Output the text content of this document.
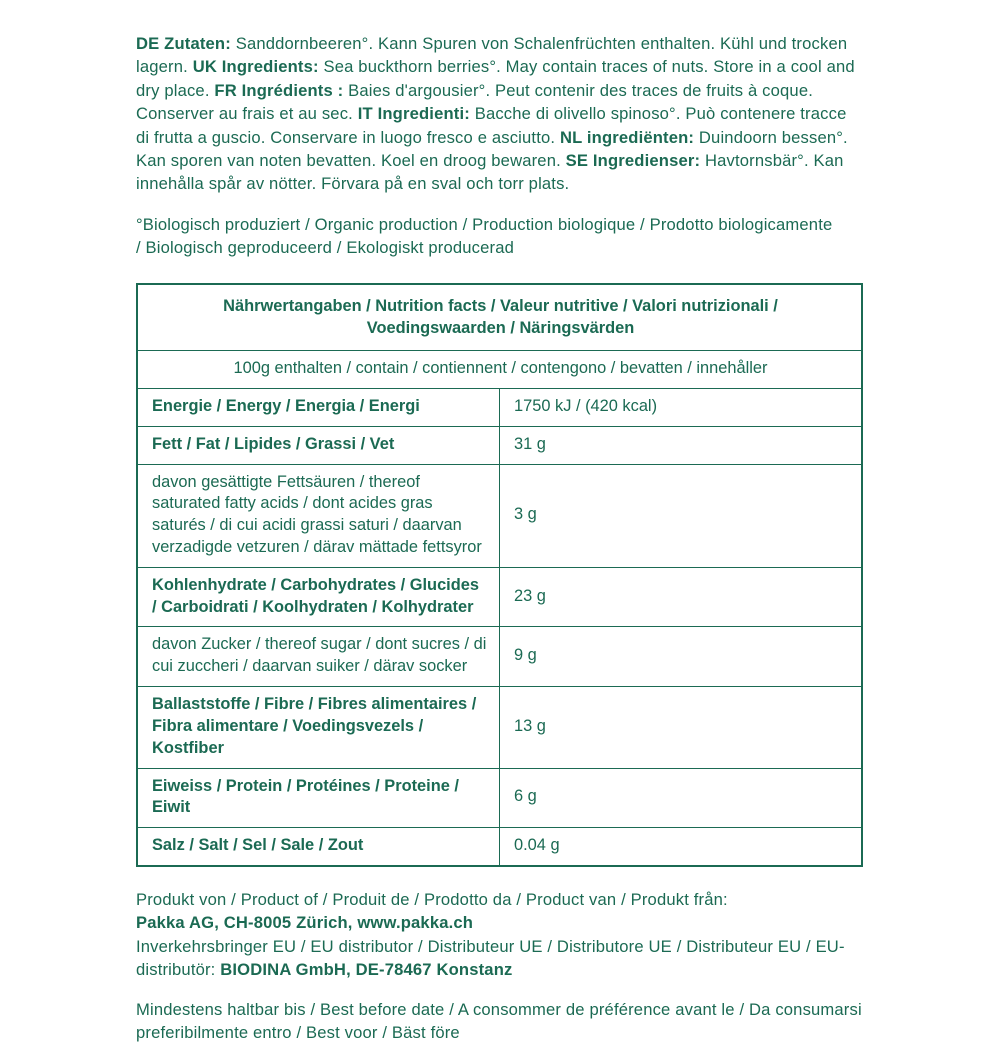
DE Zutaten: Sanddornbeeren°. Kann Spuren von Schalenfrüchten enthalten. Kühl und trocken lagern. UK Ingredients: Sea buckthorn berries°. May contain traces of nuts. Store in a cool and dry place. FR Ingrédients : Baies d'argousier°. Peut contenir des traces de fruits à coque. Conserver au frais et au sec. IT Ingredienti: Bacche di olivello spinoso°. Può contenere tracce di frutta a guscio. Conservare in luogo fresco e asciutto. NL ingrediënten: Duindoorn bessen°. Kan sporen van noten bevatten. Koel en droog bewaren. SE Ingredienser: Havtornsbär°. Kan innehålla spår av nötter. Förvara på en sval och torr plats.

°Biologisch produziert / Organic production / Production biologique / Prodotto biologicamente / Biologisch geproduceerd / Ekologiskt producerad

Nährwertangaben / Nutrition facts / Valeur nutritive / Valori nutrizionali / Voedingswaarden / Näringsvärden	
100g enthalten / contain / contiennent / contengono / bevatten / innehåller	
Energie / Energy / Energia / Energi	1750 kJ / (420 kcal)
Fett / Fat / Lipides / Grassi / Vet	31 g
davon gesättigte Fettsäuren / thereof saturated fatty acids / dont acides gras saturés / di cui acidi grassi saturi / daarvan verzadigde vetzuren / därav mättade fettsyror	3 g
Kohlenhydrate / Carbohydrates / Glucides / Carboidrati / Koolhydraten / Kolhydrater	23 g
davon Zucker / thereof sugar / dont sucres / di cui zuccheri / daarvan suiker / därav socker	9 g
Ballaststoffe / Fibre / Fibres alimentaires / Fibra alimentare / Voedingsvezels / Kostfiber	13 g
Eiweiss / Protein / Protéines / Proteine / Eiwit	6 g
Salz / Salt / Sel / Sale / Zout	0.04 g
Produkt von / Product of / Produit de / Prodotto da / Product van / Produkt från:
Pakka AG, CH-8005 Zürich, www.pakka.ch
Inverkehrsbringer EU / EU distributor / Distributeur UE / Distributore UE / Distributeur EU / EU-distributör: BIODINA GmbH, DE-78467 Konstanz
Mindestens haltbar bis / Best before date / A consommer de préférence avant le / Da consumarsi preferibilmente entro / Best voor / Bäst före
